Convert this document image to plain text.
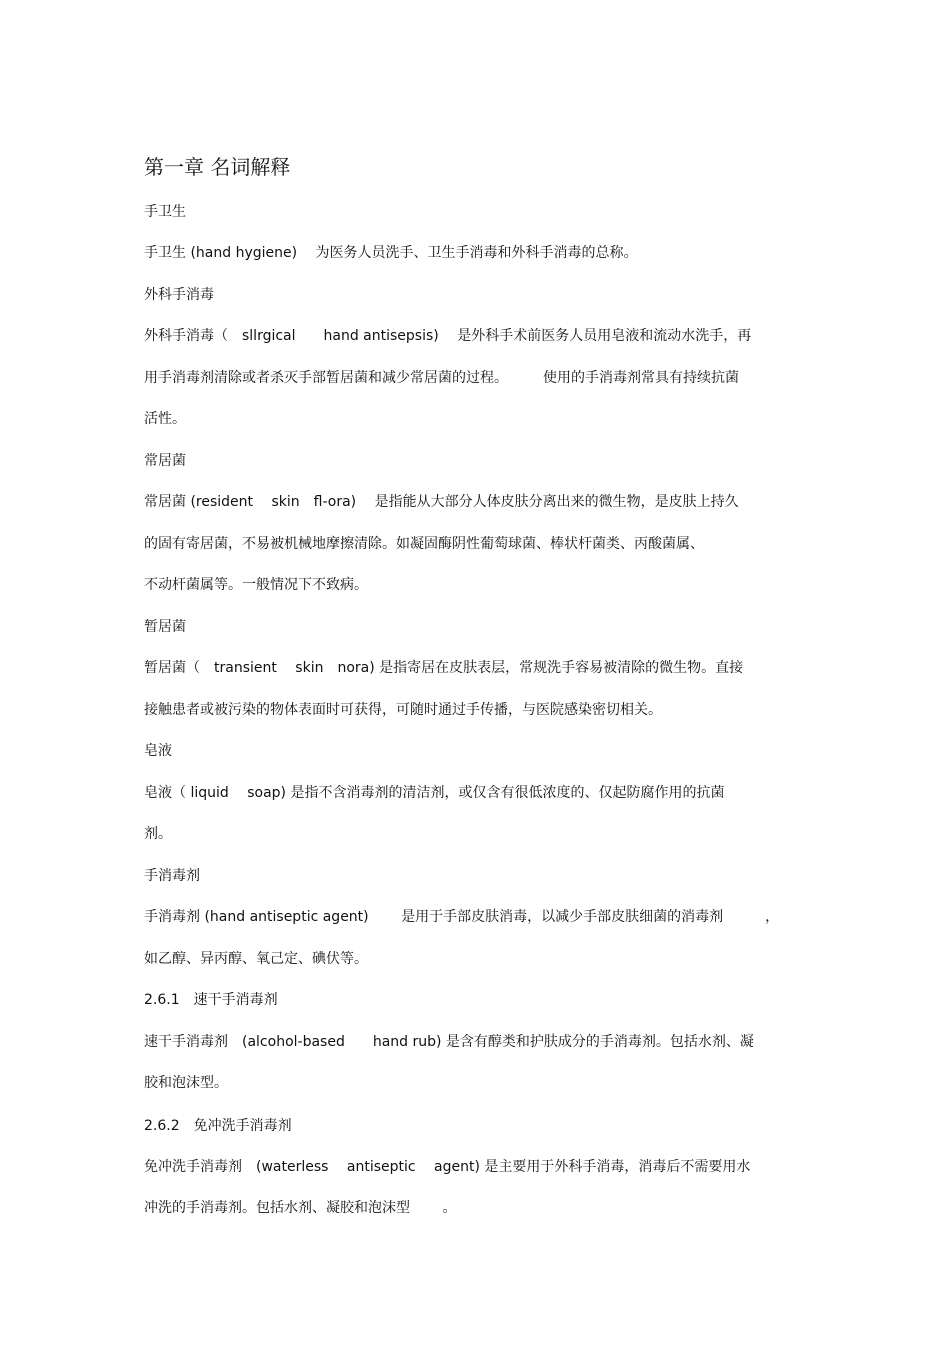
第一章 名词解释
手卫生
手卫生 (hand hygiene)　 为医务人员洗手、卫生手消毒和外科手消毒的总称。
外科手消毒
外科手消毒（　sllrgical　　hand antisepsis)　 是外科手术前医务人员用皂液和流动水洗手，再
用手消毒剂清除或者杀灭手部暂居菌和减少常居菌的过程。　　　使用的手消毒剂常具有持续抗菌
活性。
常居菌
常居菌 (resident　 skin　fl-ora)　 是指能从大部分人体皮肤分离出来的微生物，是皮肤上持久
的固有寄居菌，不易被机械地摩擦清除。如凝固酶阴性葡萄球菌、棒状杆菌类、丙酸菌属、
不动杆菌属等。一般情况下不致病。
暂居菌
暂居菌（　transient　 skin　nora) 是指寄居在皮肤表层，常规洗手容易被清除的微生物。直接
接触患者或被污染的物体表面时可获得，可随时通过手传播，与医院感染密切相关。
皂液
皂液（ liquid　 soap) 是指不含消毒剂的清洁剂，或仅含有很低浓度的、仅起防腐作用的抗菌
剂。
手消毒剂
手消毒剂 (hand antiseptic agent)　　 是用于手部皮肤消毒，以减少手部皮肤细菌的消毒剂　　　，
如乙醇、异丙醇、氧己定、碘伏等。
2.6.1　速干手消毒剂
速干手消毒剂　(alcohol-based　　hand rub) 是含有醇类和护肤成分的手消毒剂。包括水剂、凝
胶和泡沫型。
2.6.2　免冲洗手消毒剂
免冲洗手消毒剂　(waterless　 antiseptic　 agent) 是主要用于外科手消毒，消毒后不需要用水
冲洗的手消毒剂。包括水剂、凝胶和泡沫型　　 。
